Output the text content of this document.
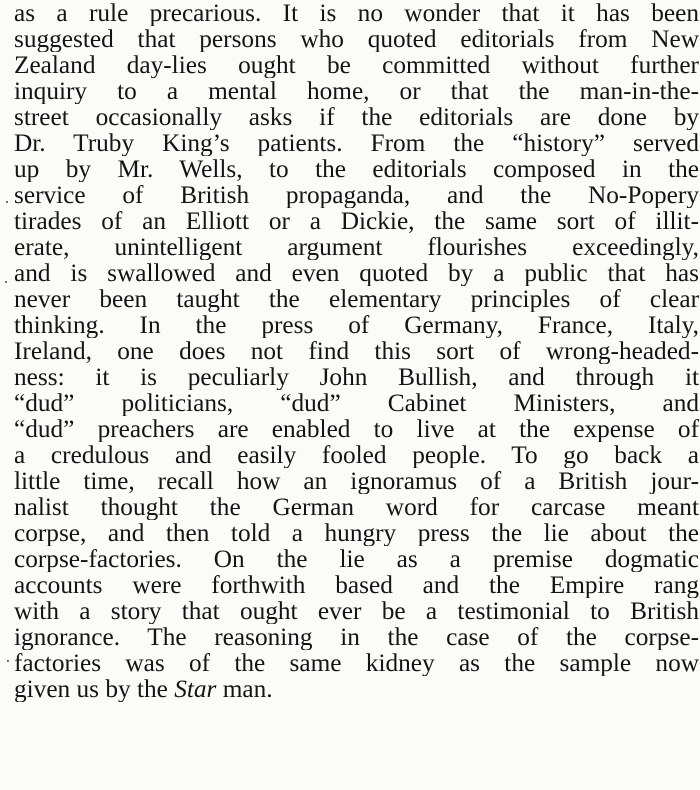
as a rule precarious. It is no wonder that it has been
suggested that persons who quoted editorials from New
Zealand day-lies ought be committed without further
inquiry to a mental home, or that the man-in-the-
street occasionally asks if the editorials are done by
Dr. Truby King’s patients. From the “history” served
up by Mr. Wells, to the editorials composed in the
service of British propaganda, and the No-Popery
tirades of an Elliott or a Dickie, the same sort of illit-
erate, unintelligent argument flourishes exceedingly,
and is swallowed and even quoted by a public that has
never been taught the elementary principles of clear
thinking. In the press of Germany, France, Italy,
Ireland, one does not find this sort of wrong-headed-
ness: it is peculiarly John Bullish, and through it
“dud” politicians, “dud” Cabinet Ministers, and
“dud” preachers are enabled to live at the expense of
a credulous and easily fooled people. To go back a
little time, recall how an ignoramus of a British jour-
nalist thought the German word for carcase meant
corpse, and then told a hungry press the lie about the
corpse-factories. On the lie as a premise dogmatic
accounts were forthwith based and the Empire rang
with a story that ought ever be a testimonial to British
ignorance. The reasoning in the case of the corpse-
factories was of the same kidney as the sample now
given us by the Star man.
